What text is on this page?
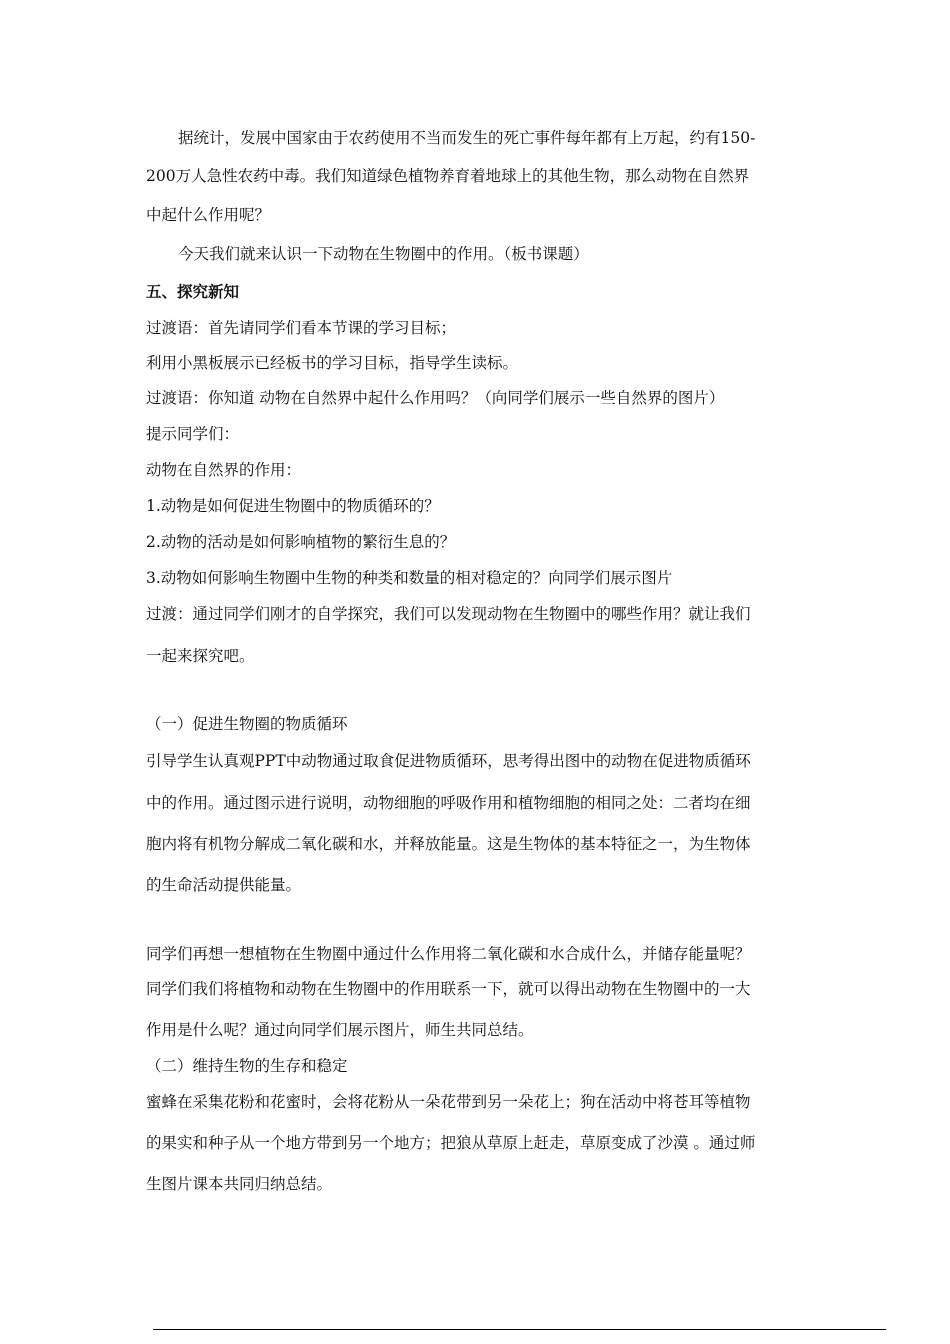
据统计，发展中国家由于农药使用不当而发生的死亡事件每年都有上万起，约有150-
200万人急性农药中毒。我们知道绿色植物养育着地球上的其他生物，那么动物在自然界
中起什么作用呢？
今天我们就来认识一下动物在生物圈中的作用。（板书课题）
五、探究新知
过渡语：首先请同学们看本节课的学习目标；
利用小黑板展示已经板书的学习目标，指导学生读标。
过渡语：你知道 动物在自然界中起什么作用吗？（向同学们展示一些自然界的图片）
提示同学们：
动物在自然界的作用：
1.动物是如何促进生物圈中的物质循环的？
2.动物的活动是如何影响植物的繁衍生息的？
3.动物如何影响生物圈中生物的种类和数量的相对稳定的？向同学们展示图片
过渡：通过同学们刚才的自学探究，我们可以发现动物在生物圈中的哪些作用？就让我们
一起来探究吧。
（一）促进生物圈的物质循环
引导学生认真观PPT中动物通过取食促进物质循环，思考得出图中的动物在促进物质循环
中的作用。通过图示进行说明，动物细胞的呼吸作用和植物细胞的相同之处：二者均在细
胞内将有机物分解成二氧化碳和水，并释放能量。这是生物体的基本特征之一，为生物体
的生命活动提供能量。
同学们再想一想植物在生物圈中通过什么作用将二氧化碳和水合成什么，并储存能量呢？
同学们我们将植物和动物在生物圈中的作用联系一下，就可以得出动物在生物圈中的一大
作用是什么呢？通过向同学们展示图片，师生共同总结。
（二）维持生物的生存和稳定
蜜蜂在采集花粉和花蜜时，会将花粉从一朵花带到另一朵花上；狗在活动中将苍耳等植物
的果实和种子从一个地方带到另一个地方；把狼从草原上赶走，草原变成了沙漠 。通过师
生图片课本共同归纳总结。
